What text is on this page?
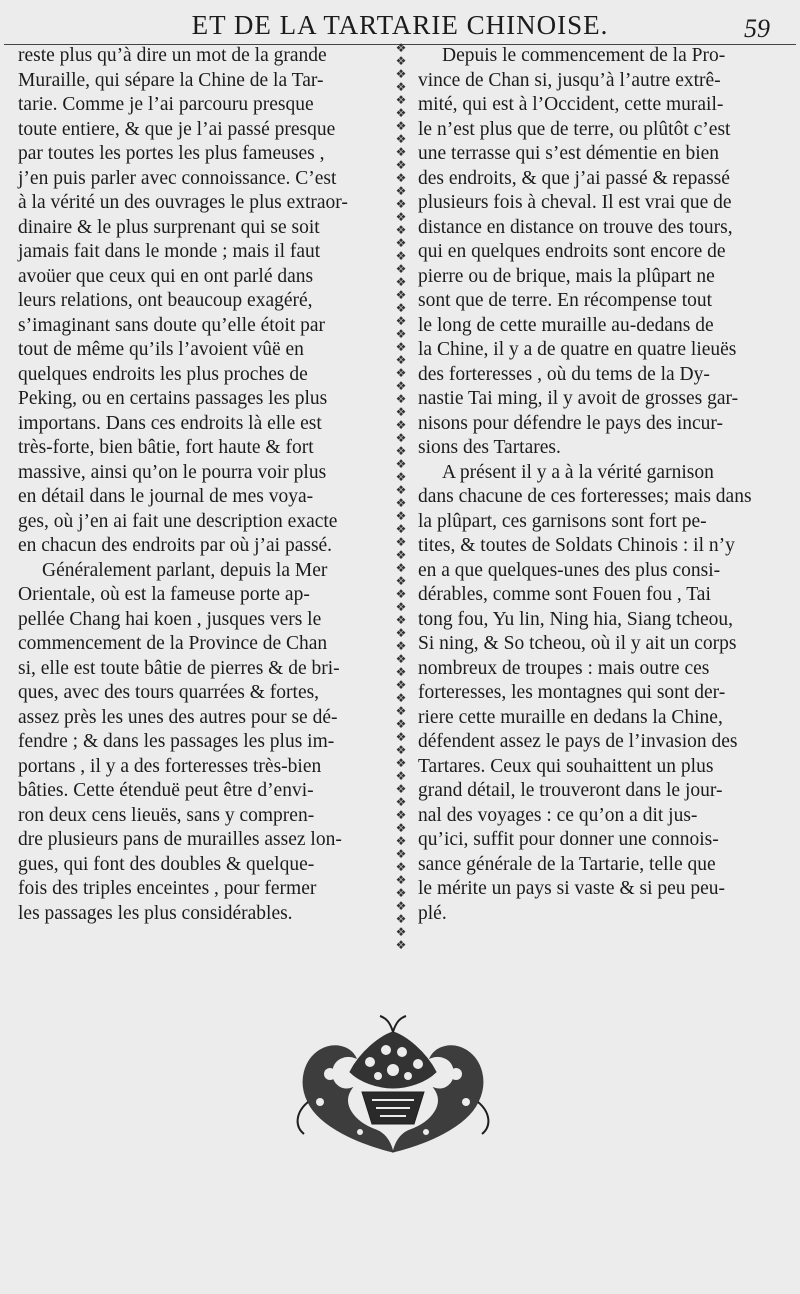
ET DE LA TARTARIE CHINOISE.	59
reste plus qu’à dire un mot de la grande
Muraille, qui sépare la Chine de la Tar-
tarie. Comme je l’ai parcouru presque
toute entiere, & que je l’ai passé presque
par toutes les portes les plus fameuses ,
j’en puis parler avec connoissance. C’est
à la vérité un des ouvrages le plus extraor-
dinaire & le plus surprenant qui se soit
jamais fait dans le monde ; mais il faut
avoüer que ceux qui en ont parlé dans
leurs relations, ont beaucoup exagéré,
s’imaginant sans doute qu’elle étoit par
tout de même qu’ils l’avoient vûë en
quelques endroits les plus proches de
Peking, ou en certains passages les plus
importans. Dans ces endroits là elle est
très-forte, bien bâtie, fort haute & fort
massive, ainsi qu’on le pourra voir plus
en détail dans le journal de mes voya-
ges, où j’en ai fait une description exacte
en chacun des endroits par où j’ai passé.
Généralement parlant, depuis la Mer
Orientale, où est la fameuse porte ap-
pellée Chang hai koen , jusques vers le
commencement de la Province de Chan
si, elle est toute bâtie de pierres & de bri-
ques, avec des tours quarrées & fortes,
assez près les unes des autres pour se dé-
fendre ; & dans les passages les plus im-
portans , il y a des forteresses très-bien
bâties. Cette étenduë peut être d’envi-
ron deux cens lieuës, sans y compren-
dre plusieurs pans de murailles assez lon-
gues, qui font des doubles & quelque-
fois des triples enceintes , pour fermer
les passages les plus considérables.
❖
❖
❖
❖
❖
❖
❖
❖
❖
❖
❖
❖
❖
❖
❖
❖
❖
❖
❖
❖
❖
❖
❖
❖
❖
❖
❖
❖
❖
❖
❖
❖
❖
❖
❖
❖
❖
❖
❖
❖
❖
❖
❖
❖
❖
❖
❖
❖
❖
❖
❖
❖
❖
❖
❖
❖
❖
❖
❖
❖
❖
❖
❖
❖
❖
❖
❖
❖
❖
❖
Depuis le commencement de la Pro-
vince de Chan si, jusqu’à l’autre extrê-
mité, qui est à l’Occident, cette murail-
le n’est plus que de terre, ou plûtôt c’est
une terrasse qui s’est démentie en bien
des endroits, & que j’ai passé & repassé
plusieurs fois à cheval. Il est vrai que de
distance en distance on trouve des tours,
qui en quelques endroits sont encore de
pierre ou de brique, mais la plûpart ne
sont que de terre. En récompense tout
le long de cette muraille au-dedans de
la Chine, il y a de quatre en quatre lieuës
des forteresses , où du tems de la Dy-
nastie Tai ming, il y avoit de grosses gar-
nisons pour défendre le pays des incur-
sions des Tartares.
A présent il y a à la vérité garnison
dans chacune de ces forteresses; mais dans
la plûpart, ces garnisons sont fort pe-
tites, & toutes de Soldats Chinois : il n’y
en a que quelques-unes des plus consi-
dérables, comme sont Fouen fou , Tai
tong fou, Yu lin, Ning hia, Siang tcheou,
Si ning, & So tcheou, où il y ait un corps
nombreux de troupes : mais outre ces
forteresses, les montagnes qui sont der-
riere cette muraille en dedans la Chine,
défendent assez le pays de l’invasion des
Tartares. Ceux qui souhaittent un plus
grand détail, le trouveront dans le jour-
nal des voyages : ce qu’on a dit jus-
qu’ici, suffit pour donner une connois-
sance générale de la Tartarie, telle que
le mérite un pays si vaste & si peu peu-
plé.
